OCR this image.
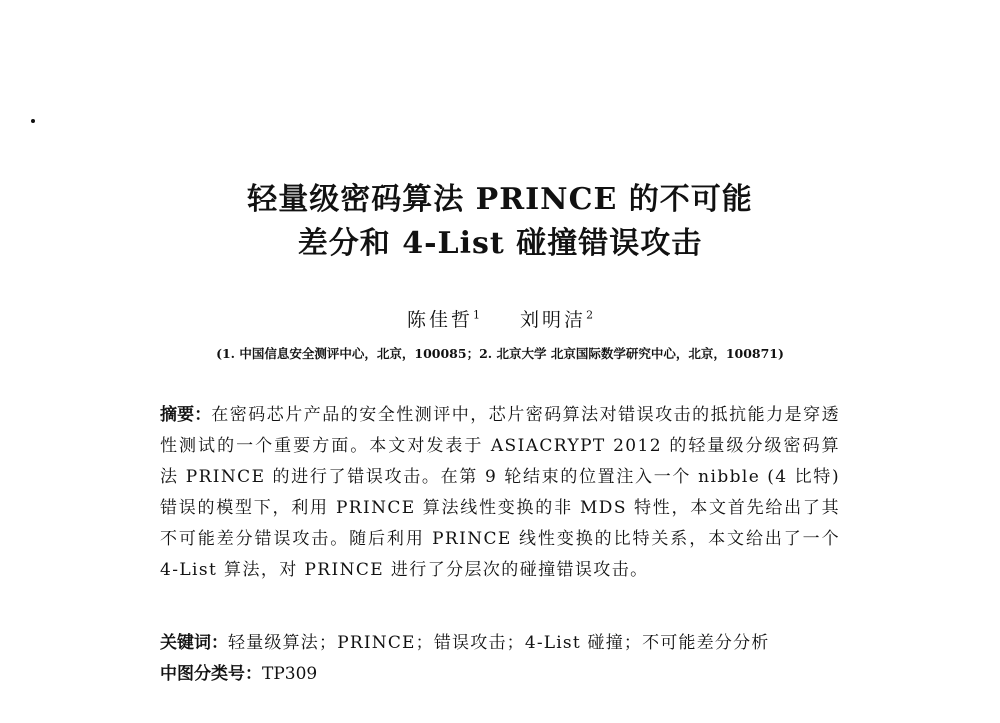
轻量级密码算法 PRINCE 的不可能
差分和 4-List 碰撞错误攻击
陈佳哲$^1$ 刘明洁$^2$
(1. 中国信息安全测评中心，北京，100085；2. 北京大学 北京国际数学研究中心，北京，100871)
摘要：在密码芯片产品的安全性测评中，芯片密码算法对错误攻击的抵抗能力是穿透性测试的一个重要方面。本文对发表于 ASIACRYPT 2012 的轻量级分级密码算法 PRINCE 的进行了错误攻击。在第 9 轮结束的位置注入一个 nibble (4 比特)错误的模型下，利用 PRINCE 算法线性变换的非 MDS 特性，本文首先给出了其不可能差分错误攻击。随后利用 PRINCE 线性变换的比特关系，本文给出了一个 4-List 算法，对 PRINCE 进行了分层次的碰撞错误攻击。
关键词：轻量级算法；PRINCE；错误攻击；4-List 碰撞；不可能差分分析
中图分类号：TP309
